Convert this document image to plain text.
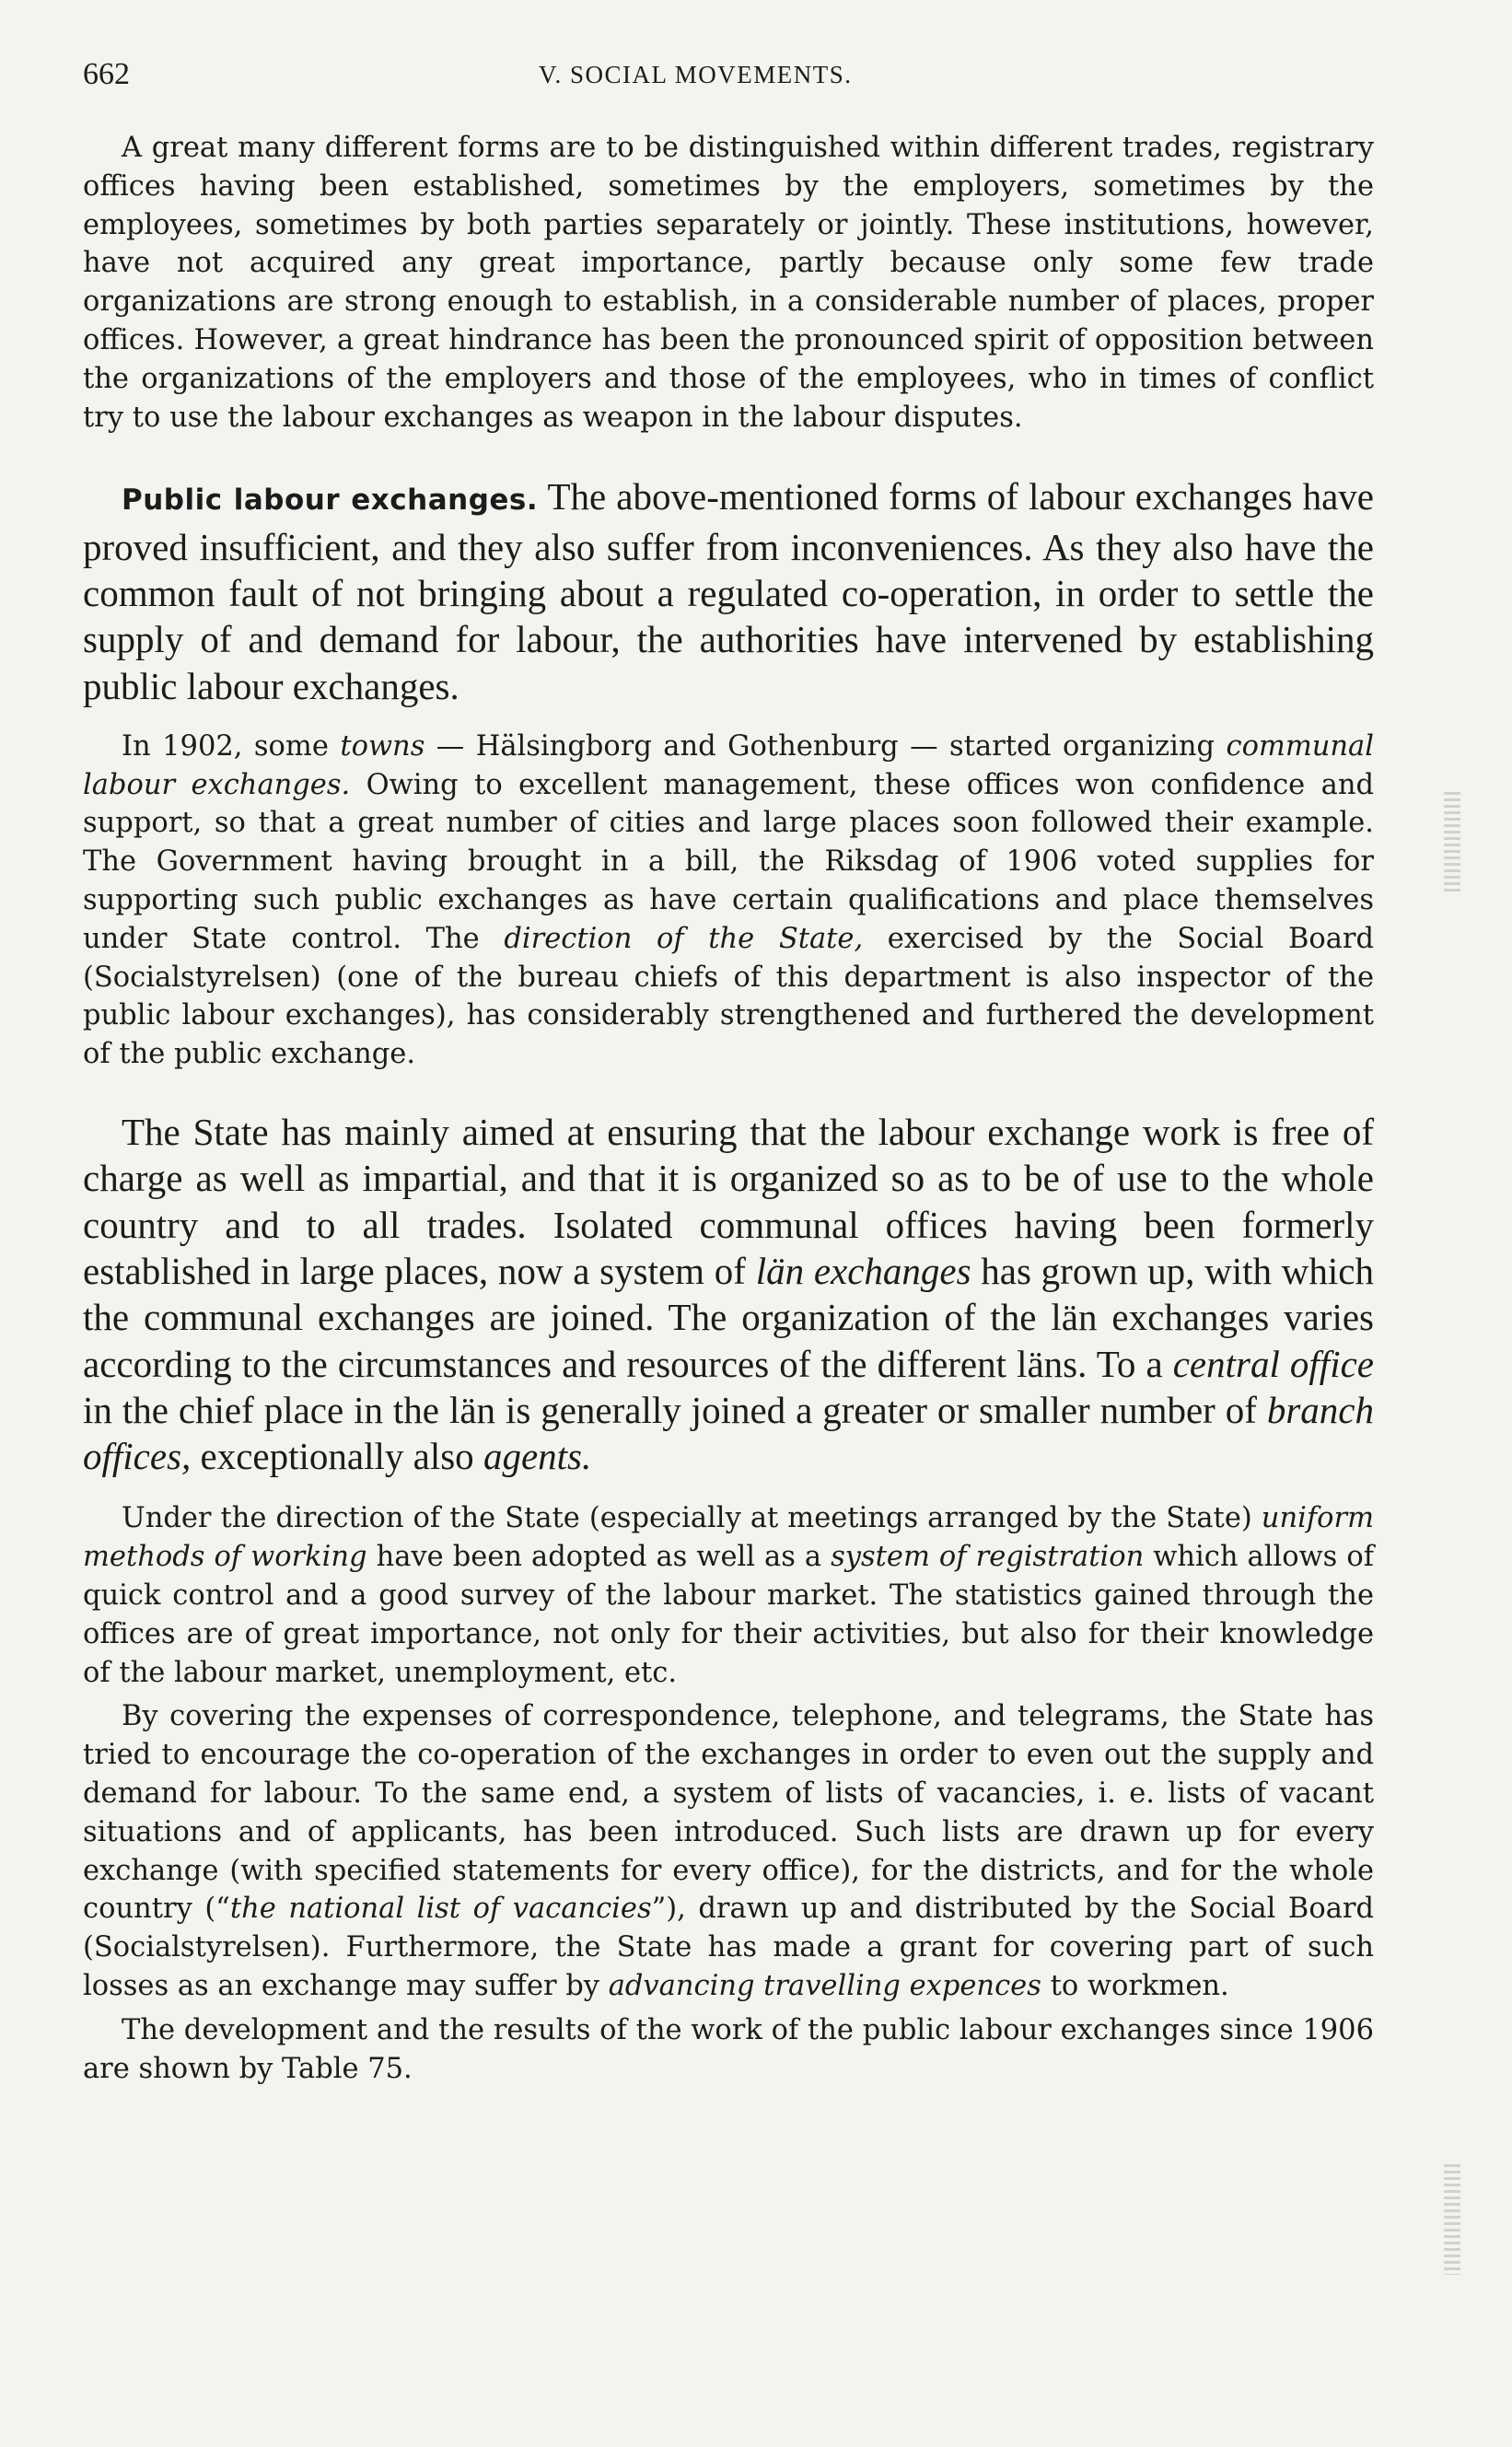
662	V. SOCIAL MOVEMENTS.

A great many different forms are to be distinguished within different trades, registrary offices having been established, sometimes by the employers, sometimes by the employees, sometimes by both parties separately or jointly. These institutions, however, have not acquired any great importance, partly because only some few trade organizations are strong enough to establish, in a considerable number of places, proper offices. However, a great hindrance has been the pronounced spirit of opposition between the organizations of the employers and those of the employees, who in times of conflict try to use the labour exchanges as weapon in the labour disputes.

Public labour exchanges. The above-mentioned forms of labour exchanges have proved insufficient, and they also suffer from inconveniences. As they also have the common fault of not bringing about a regulated co-operation, in order to settle the supply of and demand for labour, the authorities have intervened by establishing public labour exchanges.

In 1902, some towns — Hälsingborg and Gothenburg — started organizing communal labour exchanges. Owing to excellent management, these offices won confidence and support, so that a great number of cities and large places soon followed their example. The Government having brought in a bill, the Riksdag of 1906 voted supplies for supporting such public exchanges as have certain qualifications and place themselves under State control. The direction of the State, exercised by the Social Board (Socialstyrelsen) (one of the bureau chiefs of this department is also inspector of the public labour exchanges), has considerably strengthened and furthered the development of the public exchange.

The State has mainly aimed at ensuring that the labour exchange work is free of charge as well as impartial, and that it is organized so as to be of use to the whole country and to all trades. Isolated communal offices having been formerly established in large places, now a system of län exchanges has grown up, with which the communal exchanges are joined. The organization of the län exchanges varies according to the circumstances and resources of the different läns. To a central office in the chief place in the län is generally joined a greater or smaller number of branch offices, exceptionally also agents.

Under the direction of the State (especially at meetings arranged by the State) uniform methods of working have been adopted as well as a system of registration which allows of quick control and a good survey of the labour market. The statistics gained through the offices are of great importance, not only for their activities, but also for their knowledge of the labour market, unemployment, etc.

By covering the expenses of correspondence, telephone, and telegrams, the State has tried to encourage the co-operation of the exchanges in order to even out the supply and demand for labour. To the same end, a system of lists of vacancies, i. e. lists of vacant situations and of applicants, has been introduced. Such lists are drawn up for every exchange (with specified statements for every office), for the districts, and for the whole country (“the national list of vacancies”), drawn up and distributed by the Social Board (Socialstyrelsen). Furthermore, the State has made a grant for covering part of such losses as an exchange may suffer by advancing travelling expences to workmen.

The development and the results of the work of the public labour exchanges since 1906 are shown by Table 75.
